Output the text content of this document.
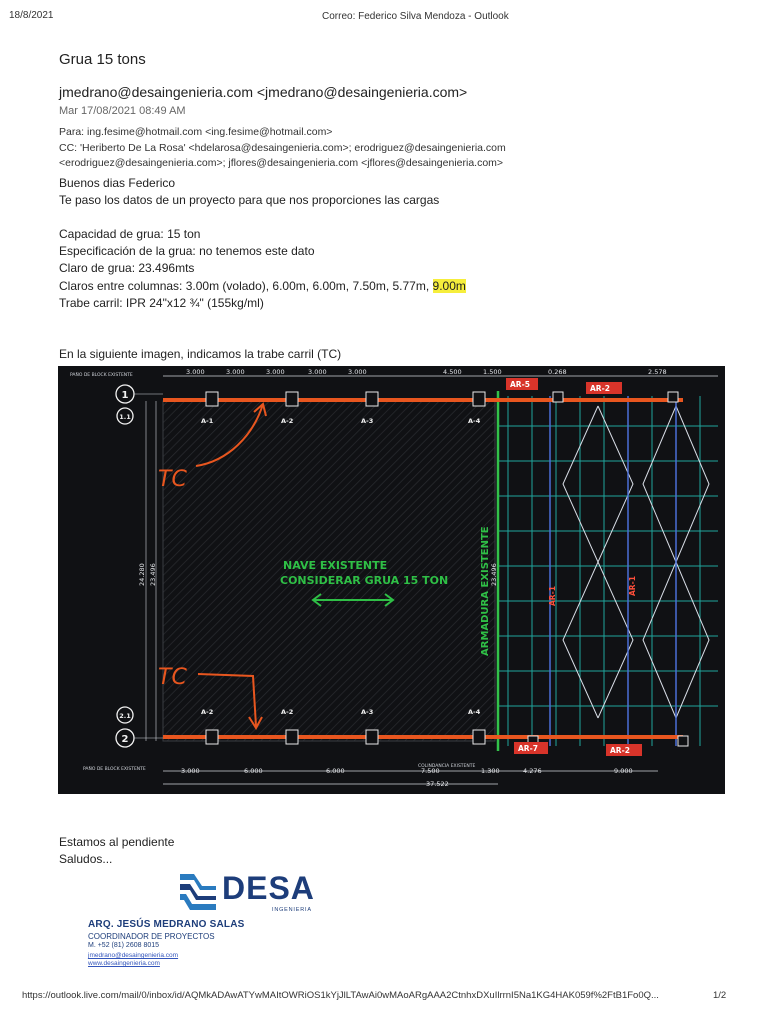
18/8/2021	Correo: Federico Silva Mendoza - Outlook
Grua 15 tons
jmedrano@desaingenieria.com <jmedrano@desaingenieria.com>
Mar 17/08/2021 08:49 AM
Para: ing.fesime@hotmail.com <ing.fesime@hotmail.com>
CC: 'Heriberto De La Rosa' <hdelarosa@desaingenieria.com>; erodriguez@desaingenieria.com
<erodriguez@desaingenieria.com>; jflores@desaingenieria.com <jflores@desaingenieria.com>
Buenos dias Federico
Te paso los datos de un proyecto para que nos proporciones las cargas
Capacidad de grua: 15 ton
Especificación de la grua: no tenemos este dato
Claro de grua: 23.496mts
Claros entre columnas: 3.00m (volado), 6.00m, 6.00m, 7.50m, 5.77m, 9.00m
Trabe carril: IPR 24"x12 ¾" (155kg/ml)
En la siguiente imagen, indicamos la trabe carril (TC)
3.000	3.000	3.000	3.000	3.000	4.500	1.500	0.268	2.578
PAÑO DE BLOCK EXISTENTE
3.000	6.000	6.000	7.500	1.300	4.276	9.000
37.522
PAÑO DE BLOCK EXISTENTE
COLINDANCIA EXISTENTE
24.280 23.496	23.496
1
1.1
2.1
2
A-1	A-2	A-3	A-4
A-2	A-2	A-3	A-4
AR-5	AR-2
AR-1
AR-1
AR-7	AR-2
NAVE EXISTENTE
CONSIDERAR GRUA 15 TON	ARMADURA EXISTENTE
TC
TC
Estamos al pendiente
Saludos...
DESA
INGENIERIA
ARQ. JESÚS MEDRANO SALAS
COORDINADOR DE PROYECTOS
M. +52 (81) 2608 8015
jmedrano@desaingenieria.com
www.desaingenieria.com
https://outlook.live.com/mail/0/inbox/id/AQMkADAwATYwMAItOWRiOS1kYjJlLTAwAi0wMAoARgAAA2CtnhxDXuIlrrnI5Na1KG4HAK059f%2FtB1Fo0Q...	1/2
